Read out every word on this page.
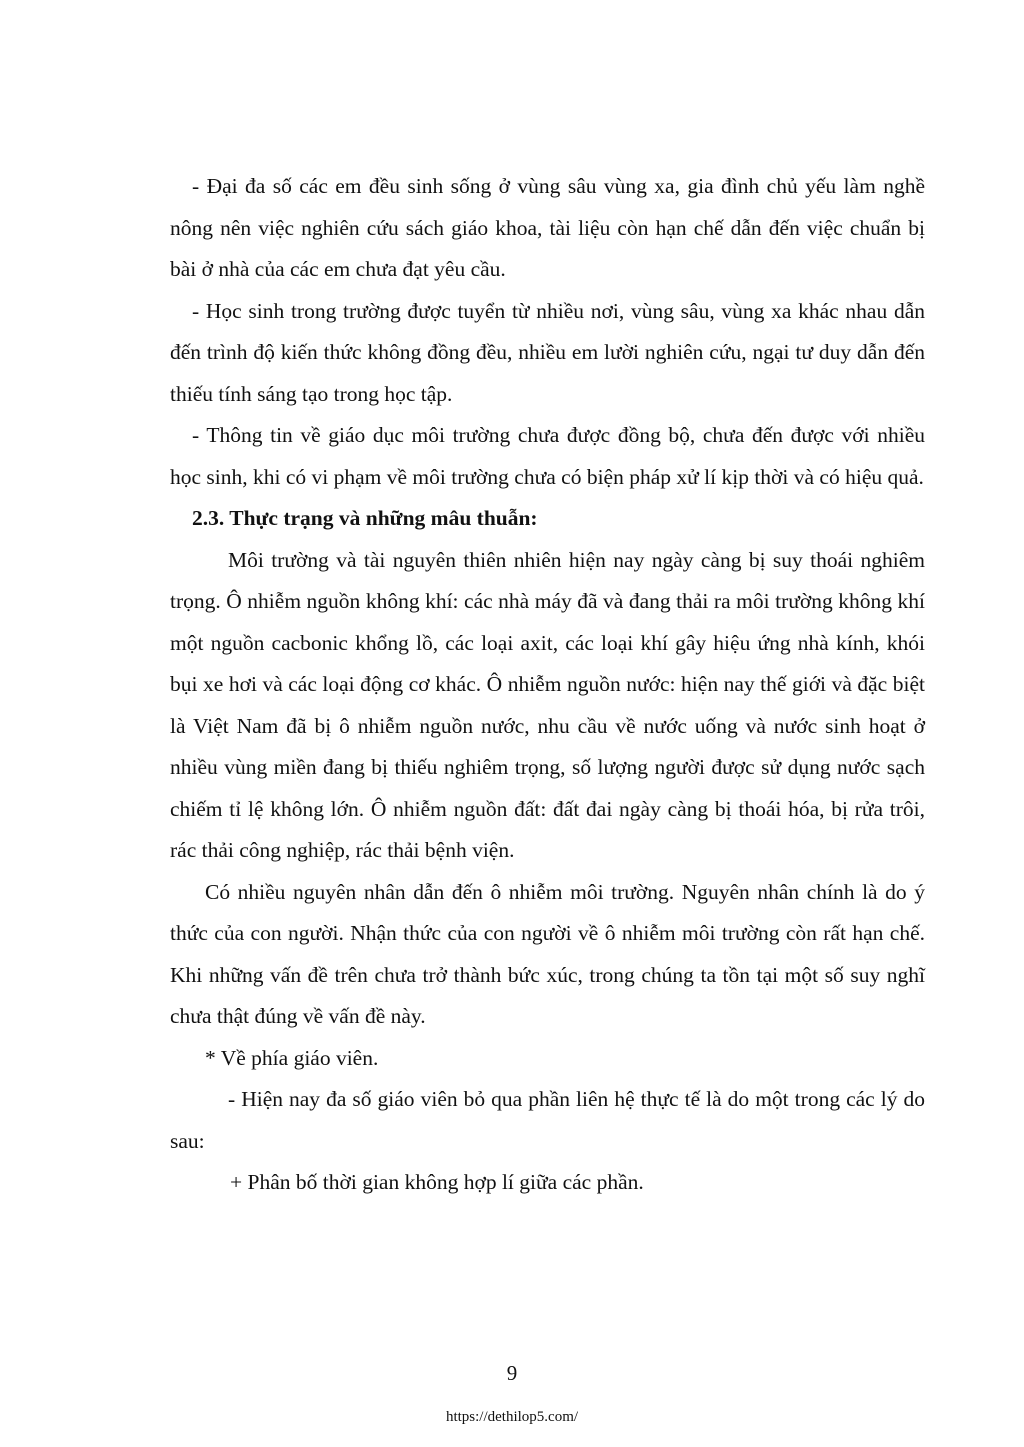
- Đại đa số các em đều sinh sống ở vùng sâu vùng xa, gia đình chủ yếu làm nghề nông nên việc nghiên cứu sách giáo khoa, tài liệu còn hạn chế dẫn đến việc chuẩn bị bài ở nhà của các em chưa đạt yêu cầu.

- Học sinh trong trường được tuyển từ nhiều nơi, vùng sâu, vùng xa khác nhau dẫn đến trình độ kiến thức không đồng đều, nhiều em lười nghiên cứu, ngại tư duy dẫn đến thiếu tính sáng tạo trong học tập.

- Thông tin về giáo dục môi trường chưa được đồng bộ, chưa đến được với nhiều học sinh, khi có vi phạm về môi trường chưa có biện pháp xử lí kịp thời và có hiệu quả.

2.3. Thực trạng và những mâu thuẫn:

Môi trường và tài nguyên thiên nhiên hiện nay ngày càng bị suy thoái nghiêm trọng. Ô nhiễm nguồn không khí: các nhà máy đã và đang thải ra môi trường không khí một nguồn cacbonic khổng lồ, các loại axit, các loại khí gây hiệu ứng nhà kính, khói bụi xe hơi và các loại động cơ khác. Ô nhiễm nguồn nước: hiện nay thế giới và đặc biệt là Việt Nam đã bị ô nhiễm nguồn nước, nhu cầu về nước uống và nước sinh hoạt ở nhiều vùng miền đang bị thiếu nghiêm trọng, số lượng người được sử dụng nước sạch chiếm tỉ lệ không lớn. Ô nhiễm nguồn đất: đất đai ngày càng bị thoái hóa, bị rửa trôi, rác thải công nghiệp, rác thải bệnh viện.

Có nhiều nguyên nhân dẫn đến ô nhiễm môi trường. Nguyên nhân chính là do ý thức của con người. Nhận thức của con người về ô nhiễm môi trường còn rất hạn chế. Khi những vấn đề trên chưa trở thành bức xúc, trong chúng ta tồn tại một số suy nghĩ chưa thật đúng về vấn đề này.

* Về phía giáo viên.

- Hiện nay đa số giáo viên bỏ qua phần liên hệ thực tế là do một trong các lý do sau:

+ Phân bố thời gian không hợp lí giữa các phần.

9
https://dethilop5.com/
